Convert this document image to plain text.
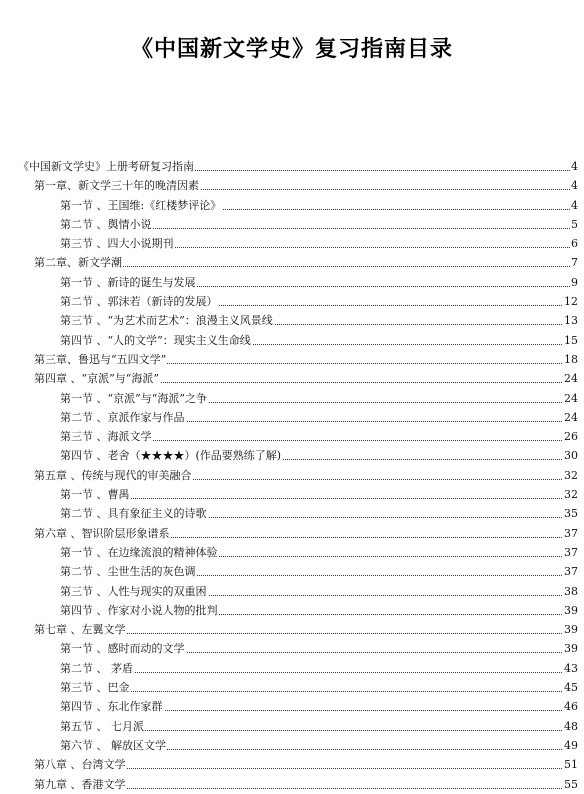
《中国新文学史》复习指南目录
《中国新文学史》上册考研复习指南	4
第一章、新文学三十年的晚清因素	4
第一节 、王国维:《红楼梦评论》	4
第二节 、舆情小说	5
第三节 、四大小说期刊	6
第二章、新文学潮	7
第一节 、新诗的诞生与发展	9
第二节 、郭沫若（新诗的发展）	12
第三节 、“为艺术而艺术”：浪漫主义风景线	13
第四节 、“人的文学”：现实主义生命线	15
第三章、鲁迅与“五四文学”	18
第四章 、“京派”与“海派”	24
第一节 、“京派”与“海派”之争	24
第二节 、京派作家与作品	24
第三节 、海派文学	26
第四节 、老舍（★★★★）(作品要熟练了解)	30
第五章 、传统与现代的审美融合	32
第一节 、曹禺	32
第二节 、具有象征主义的诗歌	35
第六章 、智识阶层形象谱系	37
第一节 、在边缘流浪的精神体验	37
第二节 、尘世生活的灰色调	37
第三节 、人性与现实的双重困	38
第四节 、作家对小说人物的批判	39
第七章 、左翼文学	39
第一节 、感时而动的文学	39
第二节 、 茅盾	43
第三节 、巴金	45
第四节 、东北作家群	46
第五节 、 七月派	48
第六节 、 解放区文学	49
第八章 、台湾文学	51
第九章 、香港文学	55
